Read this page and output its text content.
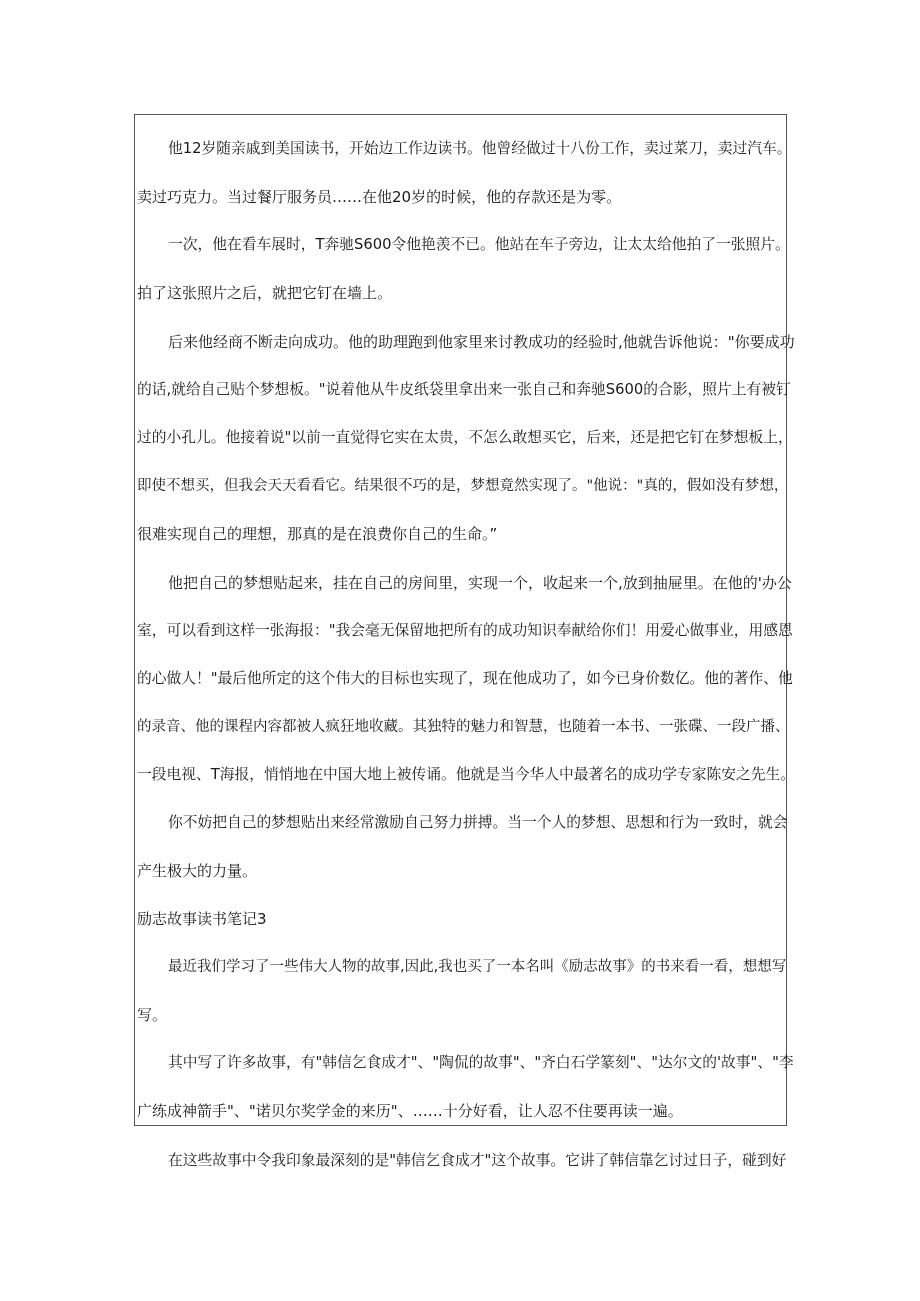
他12岁随亲戚到美国读书，开始边工作边读书。他曾经做过十八份工作，卖过菜刀，卖过汽车。
卖过巧克力。当过餐厅服务员……在他20岁的时候，他的存款还是为零。
一次，他在看车展时，T奔驰S600令他艳羡不已。他站在车子旁边，让太太给他拍了一张照片。
拍了这张照片之后，就把它钉在墙上。
后来他经商不断走向成功。他的助理跑到他家里来讨教成功的经验时,他就告诉他说："你要成功
的话,就给自己贴个梦想板。"说着他从牛皮纸袋里拿出来一张自己和奔驰S600的合影，照片上有被钉
过的小孔儿。他接着说"以前一直觉得它实在太贵，不怎么敢想买它，后来，还是把它钉在梦想板上，
即使不想买，但我会天天看看它。结果很不巧的是，梦想竟然实现了。"他说："真的，假如没有梦想，
很难实现自己的理想，那真的是在浪费你自己的生命。”
他把自己的梦想贴起来，挂在自己的房间里，实现一个，收起来一个,放到抽屉里。在他的'办公
室，可以看到这样一张海报："我会毫无保留地把所有的成功知识奉献给你们！用爱心做事业，用感恩
的心做人！"最后他所定的这个伟大的目标也实现了，现在他成功了，如今已身价数亿。他的著作、他
的录音、他的课程内容都被人疯狂地收藏。其独特的魅力和智慧，也随着一本书、一张碟、一段广播、
一段电视、T海报，悄悄地在中国大地上被传诵。他就是当今华人中最著名的成功学专家陈安之先生。
你不妨把自己的梦想贴出来经常激励自己努力拼搏。当一个人的梦想、思想和行为一致时，就会
产生极大的力量。
励志故事读书笔记3
最近我们学习了一些伟大人物的故事,因此,我也买了一本名叫《励志故事》的书来看一看，想想写
写。
其中写了许多故事，有"韩信乞食成才"、"陶侃的故事"、"齐白石学篆刻"、"达尔文的'故事"、"李
广练成神箭手"、"诺贝尔奖学金的来历"、……十分好看，让人忍不住要再读一遍。
在这些故事中令我印象最深刻的是"韩信乞食成才"这个故事。它讲了韩信靠乞讨过日子，碰到好
